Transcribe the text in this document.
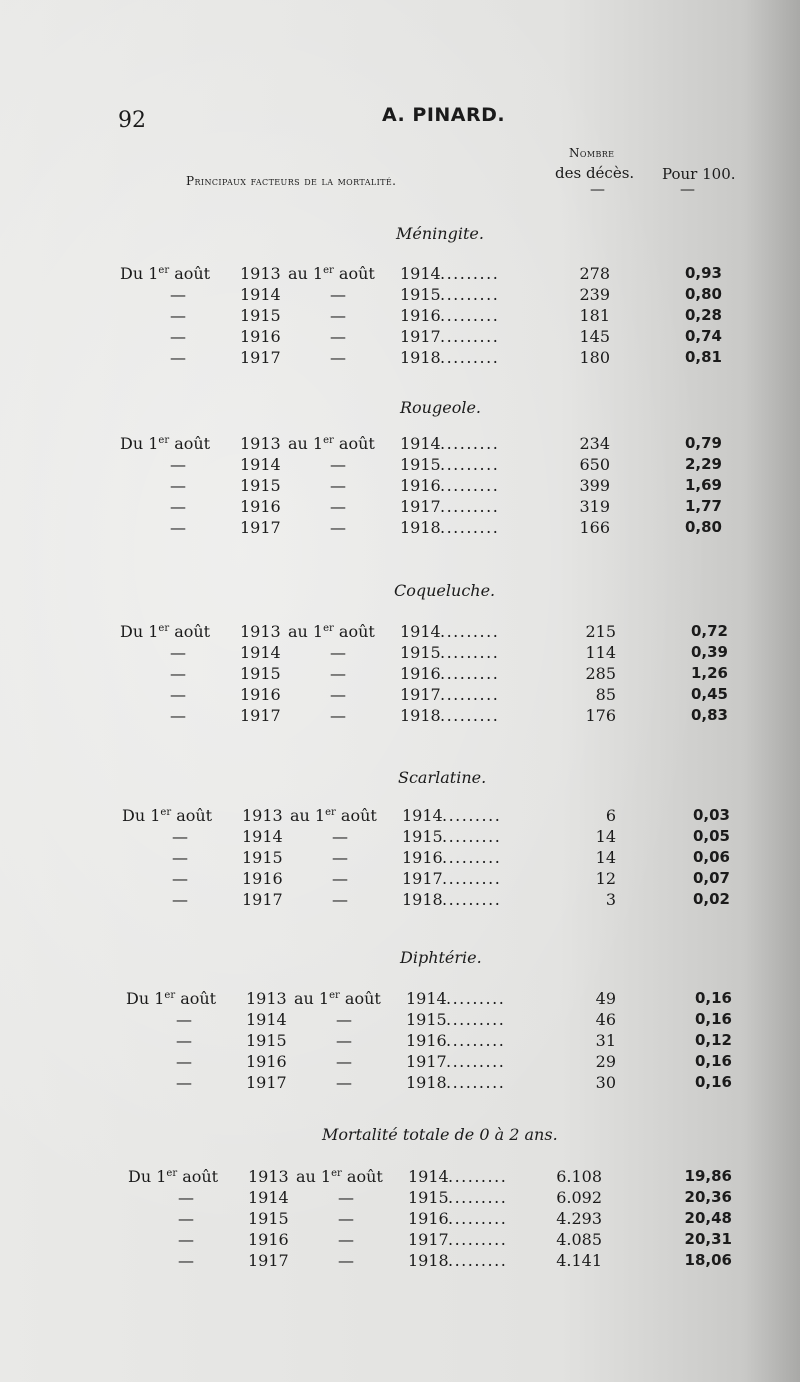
92	A. PINARD.
Principaux facteurs de la mortalité.
Nombre
des décès. Pour 100.
—	—
Méningite.
Du 1er août 1913 au 1er août 1914 .........	278	0,93
—	1914	—	1915 .........	239	0,80
—	1915	—	1916 .........	181	0,28
—	1916	—	1917 .........	145	0,74
—	1917	—	1918 .........	180	0,81
Rougeole.
Du 1er août 1913 au 1er août 1914 .........	234	0,79
—	1914	—	1915 .........	650	2,29
—	1915	—	1916 .........	399	1,69
—	1916	—	1917 .........	319	1,77
—	1917	—	1918 .........	166	0,80
Coqueluche.
Du 1er août 1913 au 1er août 1914 .........	215	0,72
—	1914	—	1915 .........	114	0,39
—	1915	—	1916 .........	285	1,26
—	1916	—	1917 .........	85	0,45
—	1917	—	1918 .........	176	0,83
Scarlatine.
Du 1er août 1913 au 1er août 1914 .........	6	0,03
—	1914	—	1915 .........	14	0,05
—	1915	—	1916 .........	14	0,06
—	1916	—	1917 .........	12	0,07
—	1917	—	1918 .........	3	0,02
Diphtérie.
Du 1er août 1913 au 1er août 1914 .........	49	0,16
—	1914	—	1915 .........	46	0,16
—	1915	—	1916 .........	31	0,12
—	1916	—	1917 .........	29	0,16
—	1917	—	1918 .........	30	0,16
Mortalité totale de 0 à 2 ans.
Du 1er août 1913 au 1er août 1914 .........	6.108	19,86
—	1914	—	1915 .........	6.092	20,36
—	1915	—	1916 .........	4.293	20,48
—	1916	—	1917 .........	4.085	20,31
—	1917	—	1918 .........	4.141	18,06
